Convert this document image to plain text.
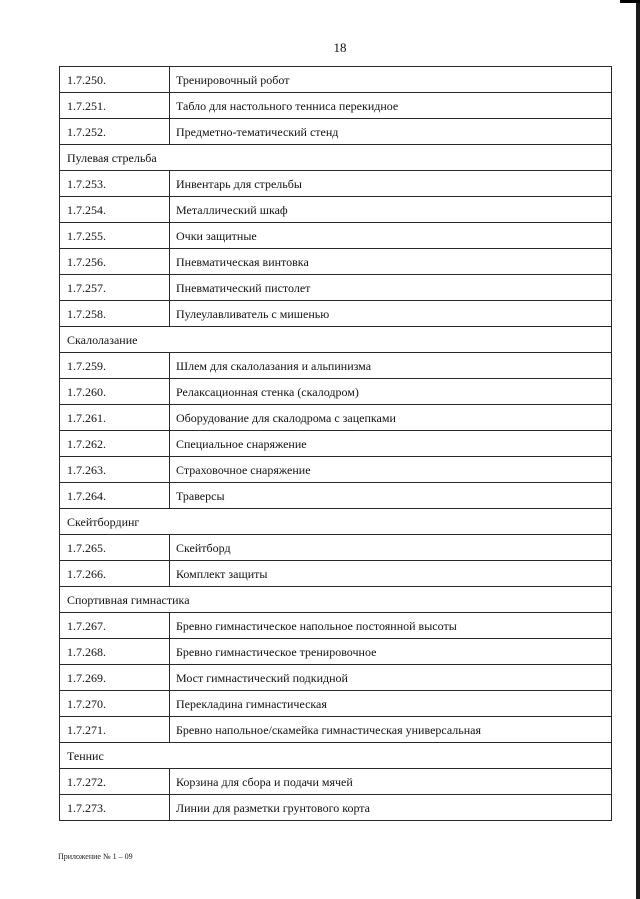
18
1.7.250.	Тренировочный робот
1.7.251.	Табло для настольного тенниса перекидное
1.7.252.	Предметно-тематический стенд
Пулевая стрельба	
1.7.253.	Инвентарь для стрельбы
1.7.254.	Металлический шкаф
1.7.255.	Очки защитные
1.7.256.	Пневматическая винтовка
1.7.257.	Пневматический пистолет
1.7.258.	Пулеулавливатель с мишенью
Скалолазание	
1.7.259.	Шлем для скалолазания и альпинизма
1.7.260.	Релаксационная стенка (скалодром)
1.7.261.	Оборудование для скалодрома с зацепками
1.7.262.	Специальное снаряжение
1.7.263.	Страховочное снаряжение
1.7.264.	Траверсы
Скейтбординг	
1.7.265.	Скейтборд
1.7.266.	Комплект защиты
Спортивная гимнастика	
1.7.267.	Бревно гимнастическое напольное постоянной высоты
1.7.268.	Бревно гимнастическое тренировочное
1.7.269.	Мост гимнастический подкидной
1.7.270.	Перекладина гимнастическая
1.7.271.	Бревно напольное/скамейка гимнастическая универсальная
Теннис	
1.7.272.	Корзина для сбора и подачи мячей
1.7.273.	Линии для разметки грунтового корта
Приложение № 1 – 09
